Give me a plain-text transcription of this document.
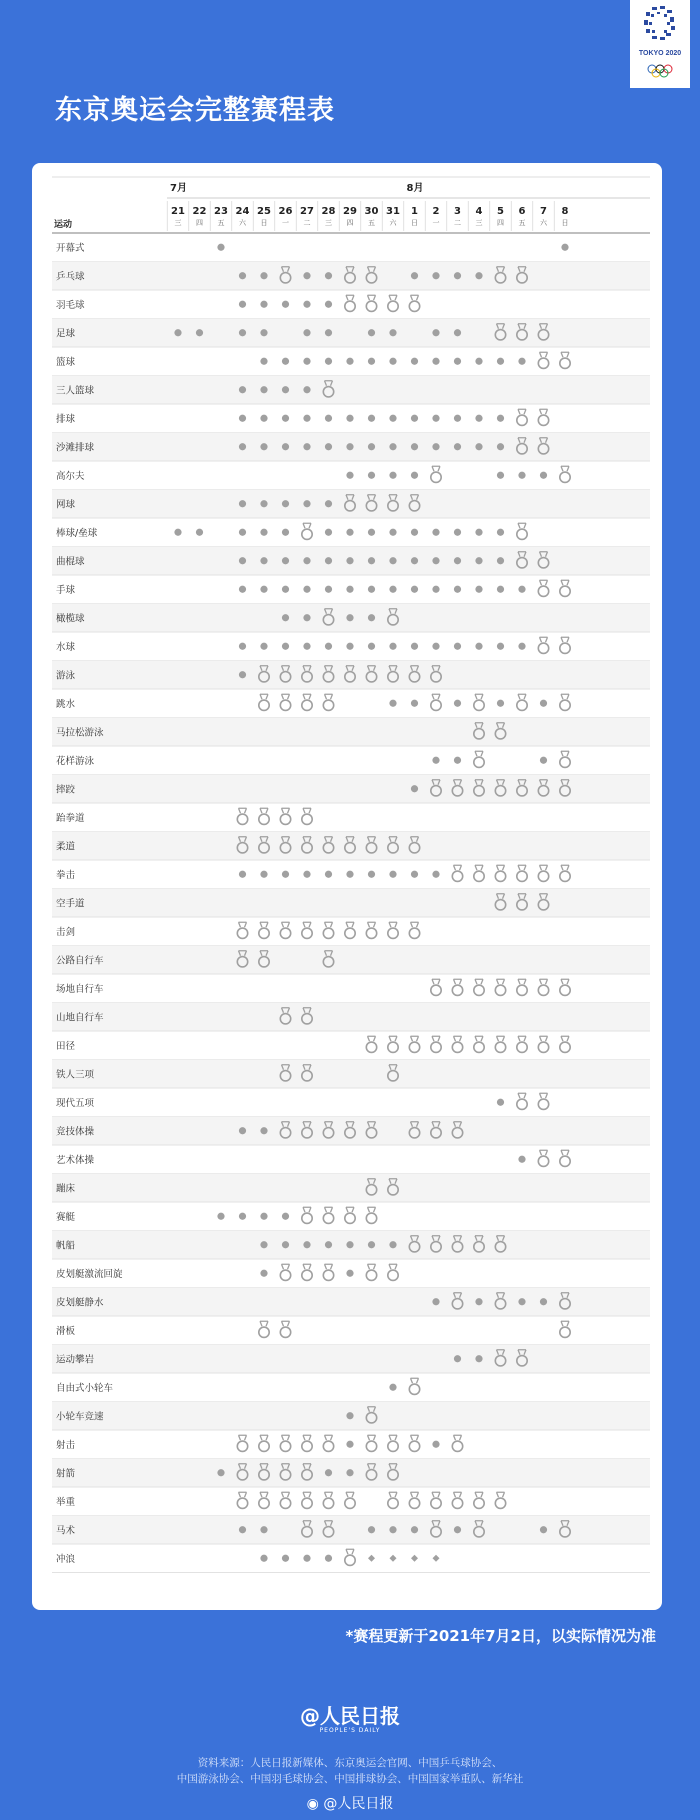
东京奥运会完整赛程表
TOKYO 2020
7月	8月
21
三
22
四
23
五
24
六
25
日
26
一
27
二
28
三
29
四
30
五
31
六
1
日
2
一
3
二
4
三
5
四
6
五
7
六
8
日
运动
开幕式
乒乓球
羽毛球
足球
篮球
三人篮球
排球
沙滩排球
高尔夫
网球
棒球/垒球
曲棍球
手球
橄榄球
水球
游泳
跳水
马拉松游泳
花样游泳
摔跤
跆拳道
柔道
拳击
空手道
击剑
公路自行车
场地自行车
山地自行车
田径
铁人三项
现代五项
竞技体操
艺术体操
蹦床
赛艇
帆船
皮划艇激流回旋
皮划艇静水
滑板
运动攀岩
自由式小轮车
小轮车竞速
射击
射箭
举重
马术
冲浪
*赛程更新于2021年7月2日，以实际情况为准
@人民日报
PEOPLE'S DAILY
资料来源：人民日报新媒体、东京奥运会官网、中国乒乓球协会、
中国游泳协会、中国羽毛球协会、中国排球协会、中国国家举重队、新华社
◉ @人民日报
